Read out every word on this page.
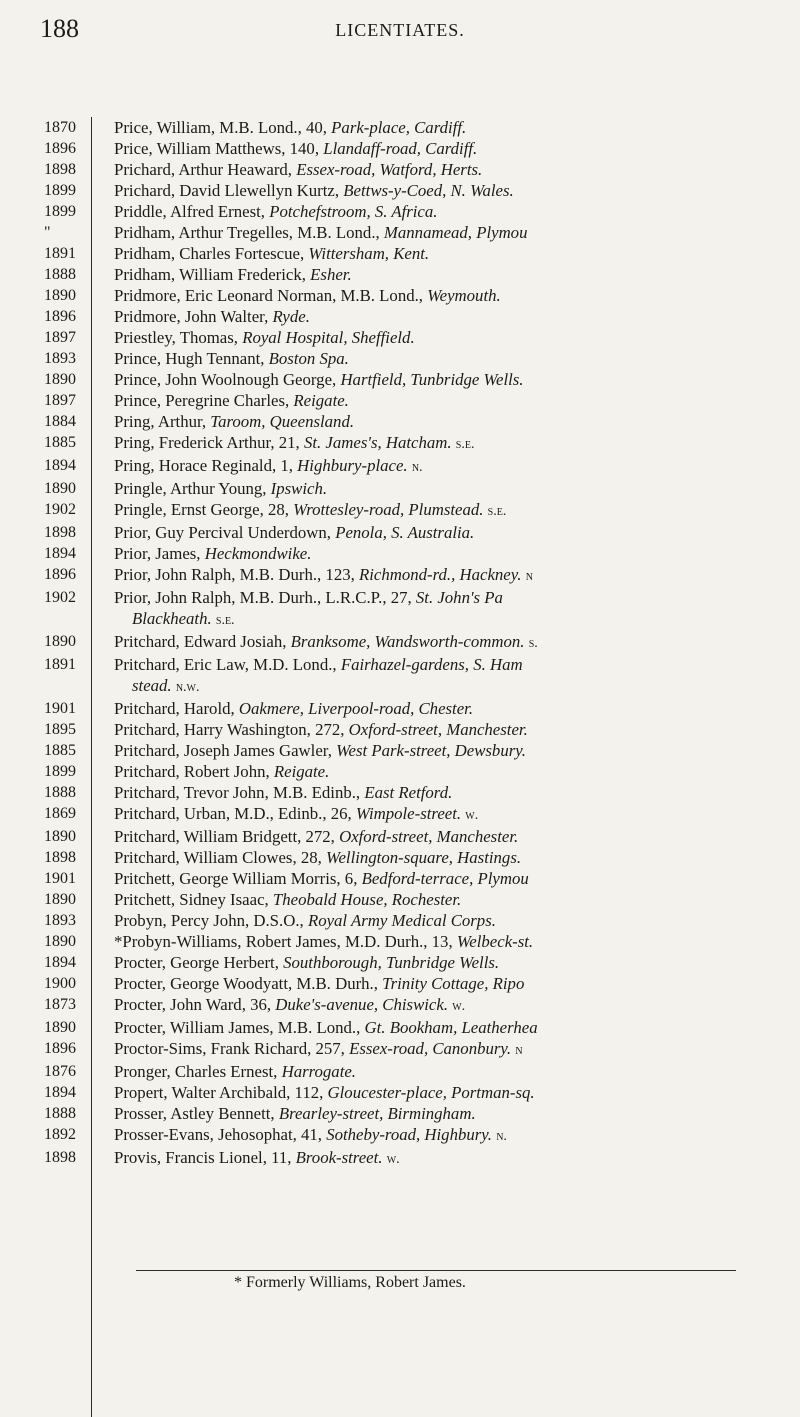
188	LICENTIATES.
1870	Price, William, M.B. Lond., 40, Park-place, Cardiff.
1896	Price, William Matthews, 140, Llandaff-road, Cardiff.
1898	Prichard, Arthur Heaward, Essex-road, Watford, Herts.
1899	Prichard, David Llewellyn Kurtz, Bettws-y-Coed, N. Wales.
1899	Priddle, Alfred Ernest, Potchefstroom, S. Africa.
"	Pridham, Arthur Tregelles, M.B. Lond., Mannamead, Plymou
1891	Pridham, Charles Fortescue, Wittersham, Kent.
1888	Pridham, William Frederick, Esher.
1890	Pridmore, Eric Leonard Norman, M.B. Lond., Weymouth.
1896	Pridmore, John Walter, Ryde.
1897	Priestley, Thomas, Royal Hospital, Sheffield.
1893	Prince, Hugh Tennant, Boston Spa.
1890	Prince, John Woolnough George, Hartfield, Tunbridge Wells.
1897	Prince, Peregrine Charles, Reigate.
1884	Pring, Arthur, Taroom, Queensland.
1885	Pring, Frederick Arthur, 21, St. James's, Hatcham. s.e.
1894	Pring, Horace Reginald, 1, Highbury-place. n.
1890	Pringle, Arthur Young, Ipswich.
1902	Pringle, Ernst George, 28, Wrottesley-road, Plumstead. s.e.
1898	Prior, Guy Percival Underdown, Penola, S. Australia.
1894	Prior, James, Heckmondwike.
1896	Prior, John Ralph, M.B. Durh., 123, Richmond-rd., Hackney. n
1902	Prior, John Ralph, M.B. Durh., L.R.C.P., 27, St. John's Pa
Blackheath. s.e.
1890	Pritchard, Edward Josiah, Branksome, Wandsworth-common. s.
1891	Pritchard, Eric Law, M.D. Lond., Fairhazel-gardens, S. Ham
stead. n.w.
1901	Pritchard, Harold, Oakmere, Liverpool-road, Chester.
1895	Pritchard, Harry Washington, 272, Oxford-street, Manchester.
1885	Pritchard, Joseph James Gawler, West Park-street, Dewsbury.
1899	Pritchard, Robert John, Reigate.
1888	Pritchard, Trevor John, M.B. Edinb., East Retford.
1869	Pritchard, Urban, M.D., Edinb., 26, Wimpole-street. w.
1890	Pritchard, William Bridgett, 272, Oxford-street, Manchester.
1898	Pritchard, William Clowes, 28, Wellington-square, Hastings.
1901	Pritchett, George William Morris, 6, Bedford-terrace, Plymou
1890	Pritchett, Sidney Isaac, Theobald House, Rochester.
1893	Probyn, Percy John, D.S.O., Royal Army Medical Corps.
1890	*Probyn-Williams, Robert James, M.D. Durh., 13, Welbeck-st.
1894	Procter, George Herbert, Southborough, Tunbridge Wells.
1900	Procter, George Woodyatt, M.B. Durh., Trinity Cottage, Ripo
1873	Procter, John Ward, 36, Duke's-avenue, Chiswick. w.
1890	Procter, William James, M.B. Lond., Gt. Bookham, Leatherhea
1896	Proctor-Sims, Frank Richard, 257, Essex-road, Canonbury. n
1876	Pronger, Charles Ernest, Harrogate.
1894	Propert, Walter Archibald, 112, Gloucester-place, Portman-sq.
1888	Prosser, Astley Bennett, Brearley-street, Birmingham.
1892	Prosser-Evans, Jehosophat, 41, Sotheby-road, Highbury. n.
1898	Provis, Francis Lionel, 11, Brook-street. w.
* Formerly Williams, Robert James.
